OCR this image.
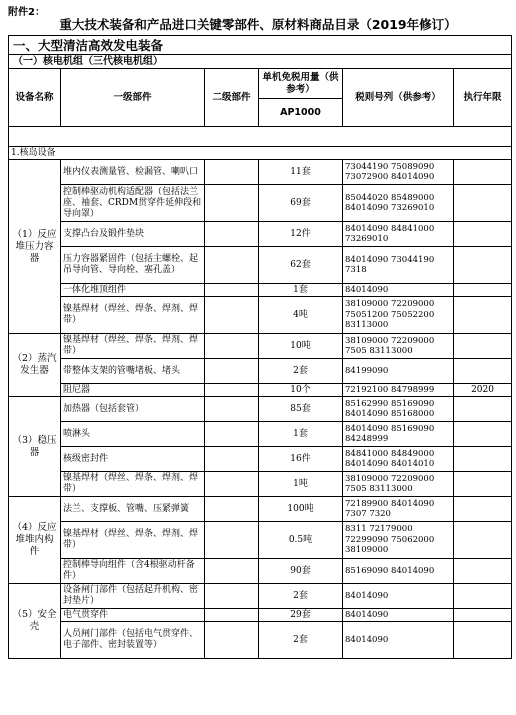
附件2：
重大技术装备和产品进口关键零部件、原材料商品目录（2019年修订）
一、大型清洁高效发电装备					
（一）核电机组（三代核电机组）					
设备名称	一级部件	二级部件	单机免税用量（供参考）	税则号列（供参考）	执行年限
			AP1000		

1.核岛设备					
（1）反应堆压力容器	堆内仪表测量管、检漏管、喇叭口		11套	73044190 75089090
73072900 84014090	
	控制棒驱动机构适配器（包括法兰座、袖套、CRDM贯穿件延伸段和导向罩）		69套	85044020 85489000
84014090 73269010	
	支撑凸台及锻件垫块		12件	84014090 84841000
73269010	
	压力容器紧固件（包括主螺栓、起吊导向管、导向栓、塞孔盖）		62套	84014090 73044190
7318	
	一体化堆顶组件		1套	84014090	
	镍基焊材（焊丝、焊条、焊剂、焊带）		4吨	38109000 72209000
75051200 75052200
83113000	
（2）蒸汽发生器	镍基焊材（焊丝、焊条、焊剂、焊带）		10吨	38109000 72209000
7505 83113000	
	带整体支架的管嘴堵板、堵头		2套	84199090	
	阻尼器		10个	72192100 84798999	2020
（3）稳压器	加热器（包括套管）		85套	85162990 85169090
84014090 85168000	
	喷淋头		1套	84014090 85169090
84248999	
	核级密封件		16件	84841000 84849000
84014090 84014010	
	镍基焊材（焊丝、焊条、焊剂、焊带）		1吨	38109000 72209000
7505 83113000	
（4）反应堆堆内构件	法兰、支撑板、管嘴、压紧弹簧		100吨	72189900 84014090
7307 7320	
	镍基焊材（焊丝、焊条、焊剂、焊带）		0.5吨	8311 72179000
72299090 75062000
38109000	
	控制棒导向组件（含4根驱动杆备件）		90套	85169090 84014090	
（5）安全壳	设备闸门部件（包括起升机构、密封垫片）		2套	84014090	
	电气贯穿件		29套	84014090	
	人员闸门部件（包括电气贯穿件、电子部件、密封装置等）		2套	84014090	
